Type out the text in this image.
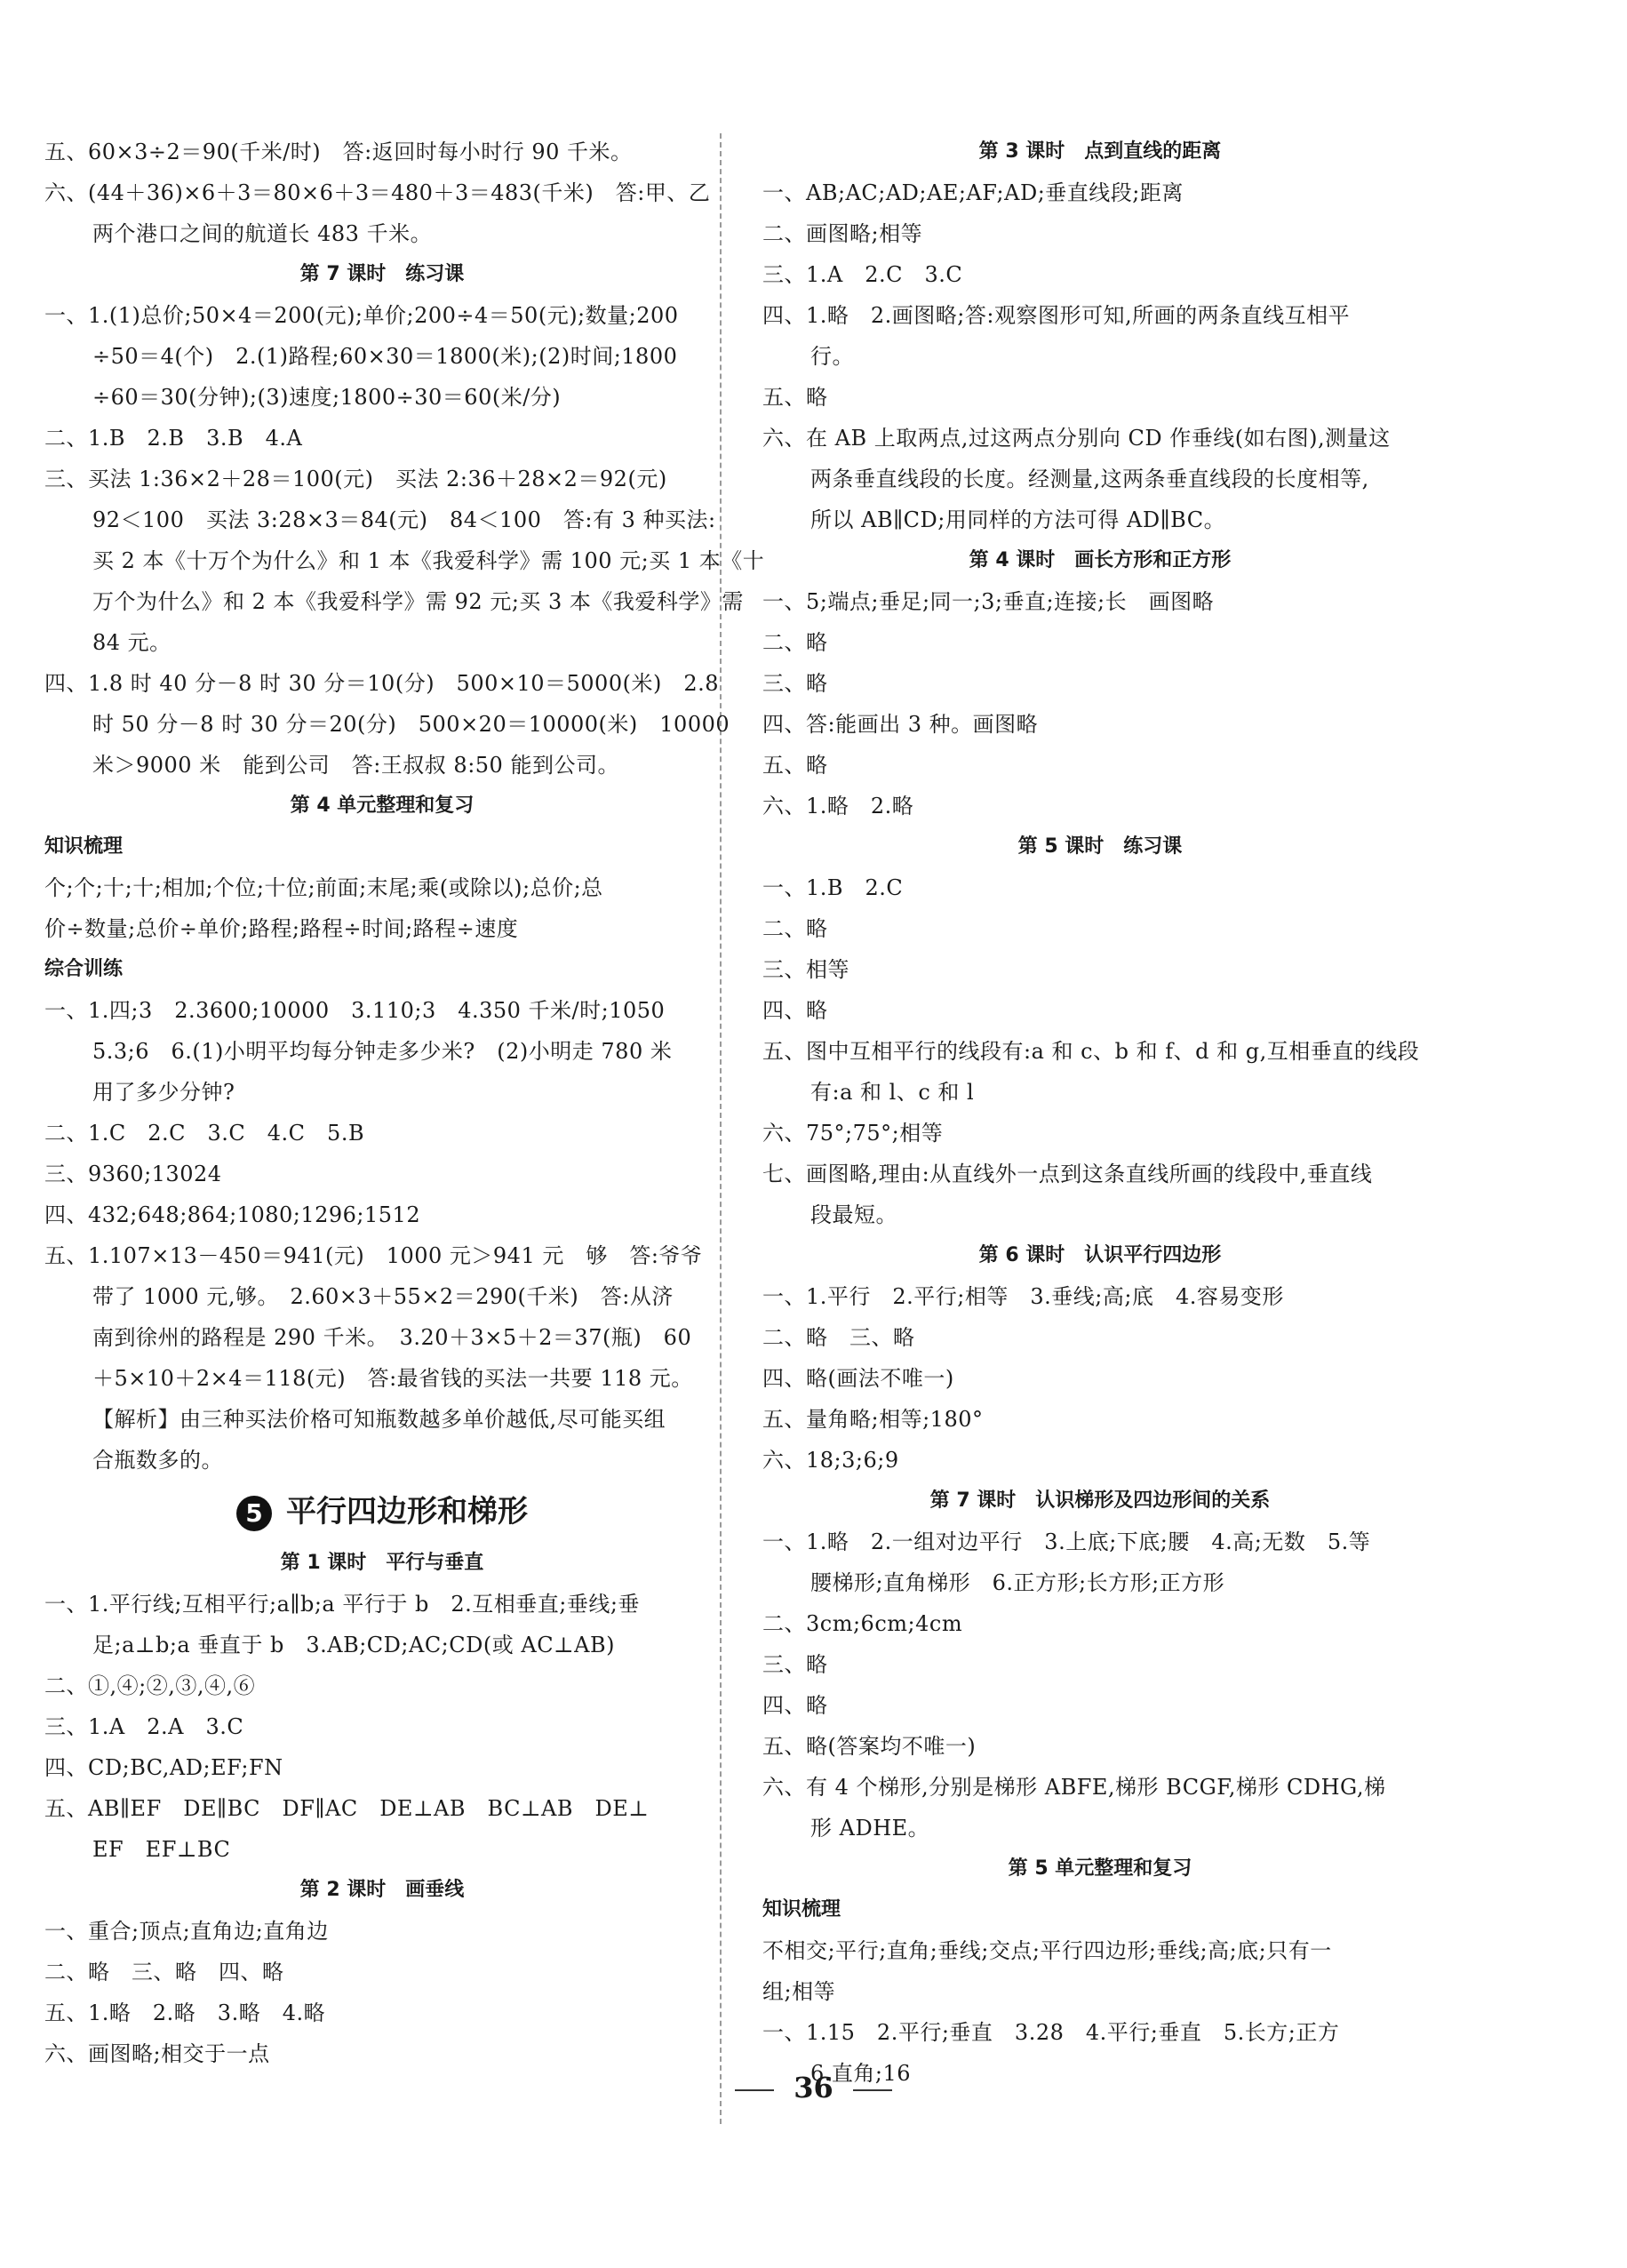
五、60×3÷2＝90(千米/时)　答:返回时每小时行 90 千米。
六、(44＋36)×6＋3＝80×6＋3＝480＋3＝483(千米)　答:甲、乙
两个港口之间的航道长 483 千米。
第 7 课时　练习课
一、1.(1)总价;50×4＝200(元);单价;200÷4＝50(元);数量;200
÷50＝4(个)　2.(1)路程;60×30＝1800(米);(2)时间;1800
÷60＝30(分钟);(3)速度;1800÷30＝60(米/分)
二、1.B　2.B　3.B　4.A
三、买法 1:36×2＋28＝100(元)　买法 2:36＋28×2＝92(元)
92＜100　买法 3:28×3＝84(元)　84＜100　答:有 3 种买法:
买 2 本《十万个为什么》和 1 本《我爱科学》需 100 元;买 1 本《十
万个为什么》和 2 本《我爱科学》需 92 元;买 3 本《我爱科学》需
84 元。
四、1.8 时 40 分－8 时 30 分＝10(分)　500×10＝5000(米)　2.8
时 50 分－8 时 30 分＝20(分)　500×20＝10000(米)　10000
米＞9000 米　能到公司　答:王叔叔 8:50 能到公司。
第 4 单元整理和复习
知识梳理
个;个;十;十;相加;个位;十位;前面;末尾;乘(或除以);总价;总
价÷数量;总价÷单价;路程;路程÷时间;路程÷速度
综合训练
一、1.四;3　2.3600;10000　3.110;3　4.350 千米/时;1050
5.3;6　6.(1)小明平均每分钟走多少米?　(2)小明走 780 米
用了多少分钟?
二、1.C　2.C　3.C　4.C　5.B
三、9360;13024
四、432;648;864;1080;1296;1512
五、1.107×13－450＝941(元)　1000 元＞941 元　够　答:爷爷
带了 1000 元,够。　2.60×3＋55×2＝290(千米)　答:从济
南到徐州的路程是 290 千米。　3.20＋3×5＋2＝37(瓶)　60
＋5×10＋2×4＝118(元)　答:最省钱的买法一共要 118 元。
【解析】由三种买法价格可知瓶数越多单价越低,尽可能买组
合瓶数多的。
5 平行四边形和梯形
第 1 课时　平行与垂直
一、1.平行线;互相平行;a∥b;a 平行于 b　2.互相垂直;垂线;垂
足;a⊥b;a 垂直于 b　3.AB;CD;AC;CD(或 AC⊥AB)
二、①,④;②,③,④,⑥
三、1.A　2.A　3.C
四、CD;BC,AD;EF;FN
五、AB∥EF　DE∥BC　DF∥AC　DE⊥AB　BC⊥AB　DE⊥
EF　EF⊥BC
第 2 课时　画垂线
一、重合;顶点;直角边;直角边
二、略　三、略　四、略
五、1.略　2.略　3.略　4.略
六、画图略;相交于一点
第 3 课时　点到直线的距离
一、AB;AC;AD;AE;AF;AD;垂直线段;距离
二、画图略;相等
三、1.A　2.C　3.C
四、1.略　2.画图略;答:观察图形可知,所画的两条直线互相平
行。
五、略
六、在 AB 上取两点,过这两点分别向 CD 作垂线(如右图),测量这
两条垂直线段的长度。经测量,这两条垂直线段的长度相等,
所以 AB∥CD;用同样的方法可得 AD∥BC。
第 4 课时　画长方形和正方形
一、5;端点;垂足;同一;3;垂直;连接;长　画图略
二、略
三、略
四、答:能画出 3 种。画图略
五、略
六、1.略　2.略
第 5 课时　练习课
一、1.B　2.C
二、略
三、相等
四、略
五、图中互相平行的线段有:a 和 c、b 和 f、d 和 g,互相垂直的线段
有:a 和 l、c 和 l
六、75°;75°;相等
七、画图略,理由:从直线外一点到这条直线所画的线段中,垂直线
段最短。
第 6 课时　认识平行四边形
一、1.平行　2.平行;相等　3.垂线;高;底　4.容易变形
二、略　三、略
四、略(画法不唯一)
五、量角略;相等;180°
六、18;3;6;9
第 7 课时　认识梯形及四边形间的关系
一、1.略　2.一组对边平行　3.上底;下底;腰　4.高;无数　5.等
腰梯形;直角梯形　6.正方形;长方形;正方形
二、3cm;6cm;4cm
三、略
四、略
五、略(答案均不唯一)
六、有 4 个梯形,分别是梯形 ABFE,梯形 BCGF,梯形 CDHG,梯
形 ADHE。
第 5 单元整理和复习
知识梳理
不相交;平行;直角;垂线;交点;平行四边形;垂线;高;底;只有一
组;相等
一、1.15　2.平行;垂直　3.28　4.平行;垂直　5.长方;正方
6.直角;16
36
